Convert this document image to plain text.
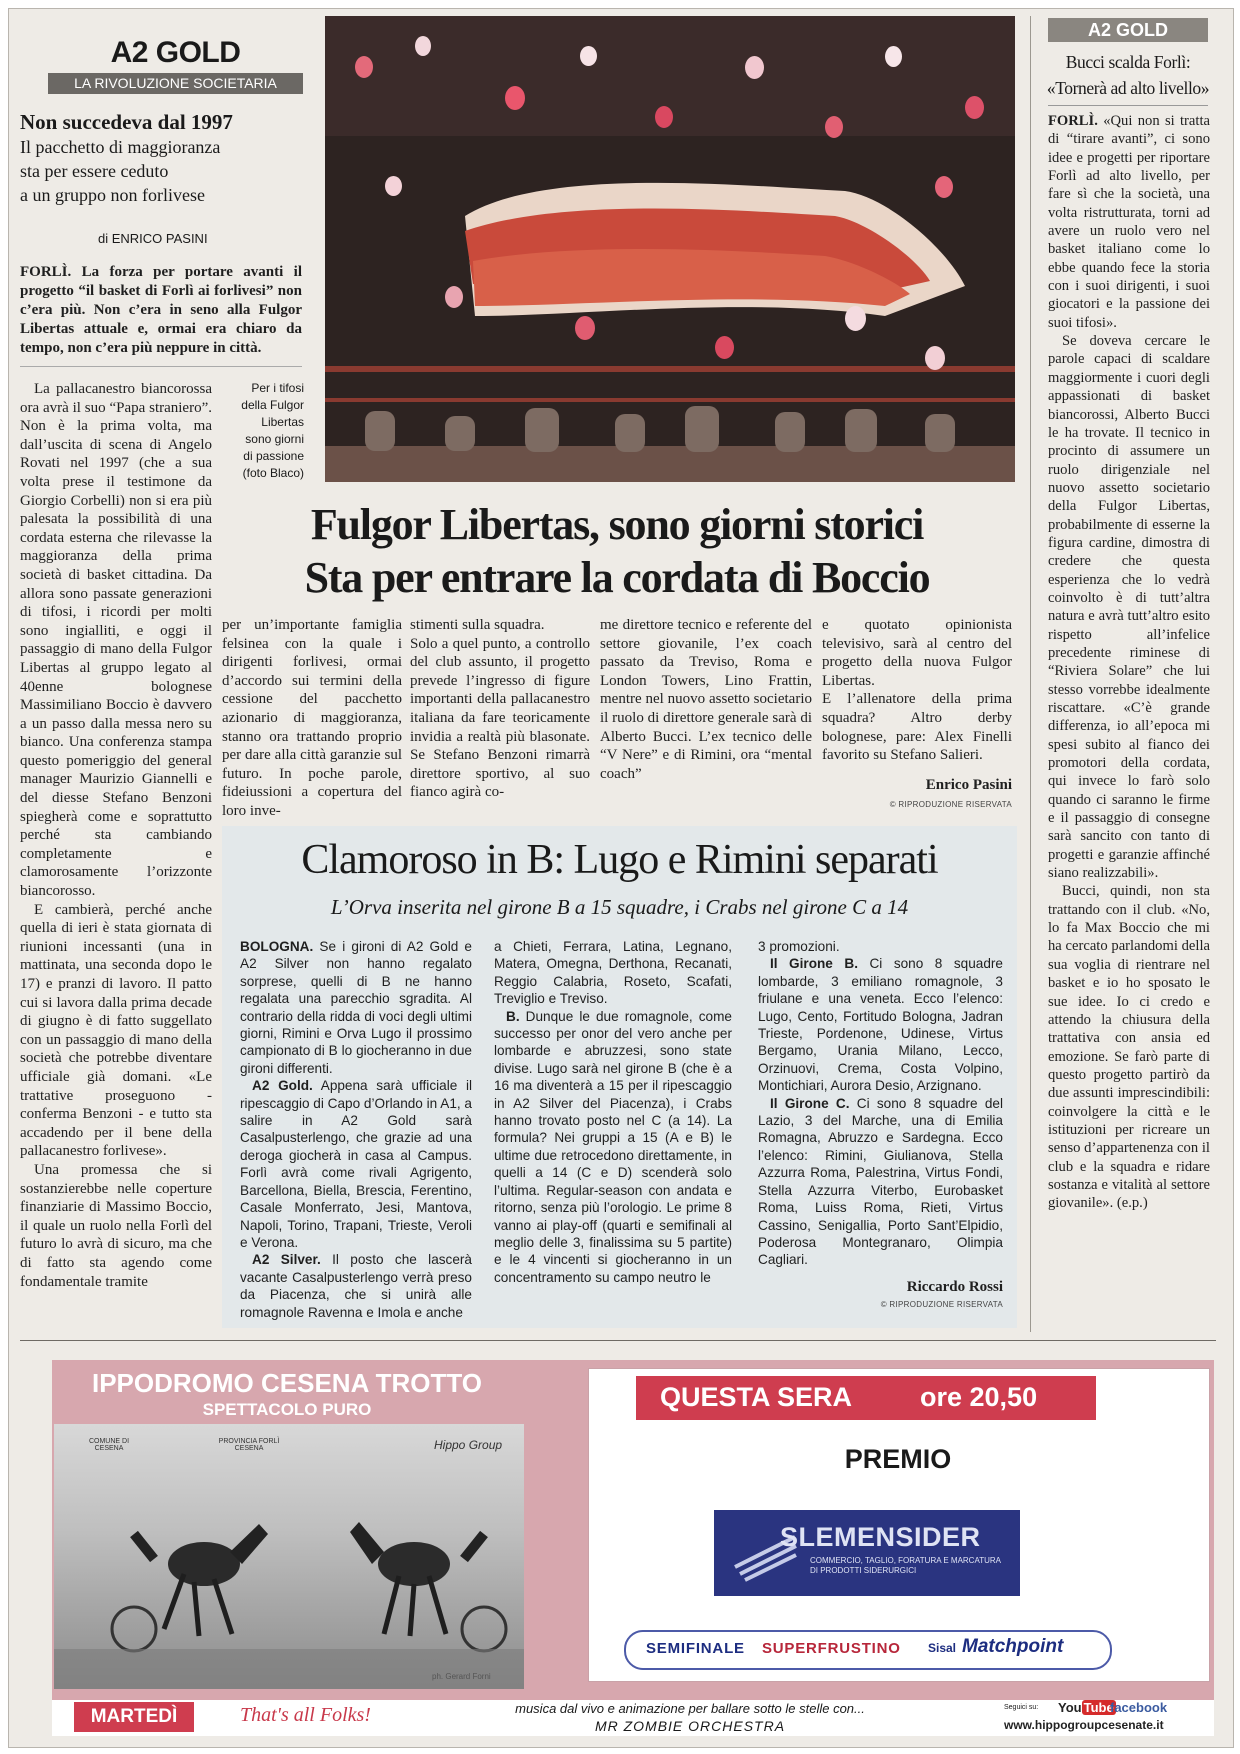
A2 GOLD
LA RIVOLUZIONE SOCIETARIA
Non succedeva dal 1997
Il pacchetto di maggioranza
sta per essere ceduto
a un gruppo non forlivese
di ENRICO PASINI
FORLÌ. La forza per portare avanti il progetto “il basket di Forlì ai forlivesi” non c’era più. Non c’era in seno alla Fulgor Libertas attuale e, ormai era chiaro da tempo, non c’era più neppure in città.

La pallacanestro biancorossa ora avrà il suo “Papa straniero”. Non è la prima volta, ma dall’uscita di scena di Angelo Rovati nel 1997 (che a sua volta prese il testimone da Giorgio Corbelli) non si era più palesata la possibilità di una cordata esterna che rilevasse la maggioranza della prima società di basket cittadina. Da allora sono passate generazioni di tifosi, i ricordi per molti sono ingialliti, e oggi il passaggio di mano della Fulgor Libertas al gruppo legato al 40enne bolognese Massimiliano Boccio è davvero a un passo dalla messa nero su bianco. Una conferenza stampa questo pomeriggio del general manager Maurizio Giannelli e del diesse Stefano Benzoni spiegherà come e soprattutto perché sta cambiando completamente e clamorosamente l’orizzonte biancorosso.

E cambierà, perché anche quella di ieri è stata giornata di riunioni incessanti (una in mattinata, una seconda dopo le 17) e pranzi di lavoro. Il patto cui si lavora dalla prima decade di giugno è di fatto suggellato con un passaggio di mano della società che potrebbe diventare ufficiale già domani. «Le trattative proseguono - conferma Benzoni - e tutto sta accadendo per il bene della pallacanestro forlivese».

Una promessa che si sostanzierebbe nelle coperture finanziarie di Massimo Boccio, il quale un ruolo nella Forlì del futuro lo avrà di sicuro, ma che di fatto sta agendo come fondamentale tramite

Per i tifosi
della Fulgor
Libertas
sono giorni
di passione
(foto Blaco)
Fulgor Libertas, sono giorni storici
Sta per entrare la cordata di Boccio
per un’importante famiglia felsinea con la quale i dirigenti forlivesi, ormai d’accordo sui termini della cessione del pacchetto azionario di maggioranza, stanno ora trattando proprio per dare alla città garanzie sul futuro. In poche parole, fideiussioni a copertura del loro inve-
stimenti sulla squadra.
Solo a quel punto, a controllo del club assunto, il progetto prevede l’ingresso di figure importanti della pallacanestro italiana da fare teoricamente invidia a realtà più blasonate. Se Stefano Benzoni rimarrà direttore sportivo, al suo fianco agirà co-
me direttore tecnico e referente del settore giovanile, l’ex coach passato da Treviso, Roma e London Towers, Lino Frattin, mentre nel nuovo assetto societario il ruolo di direttore generale sarà di Alberto Bucci. L’ex tecnico delle “V Nere” e di Rimini, ora “mental coach”
e quotato opinionista televisivo, sarà al centro del progetto della nuova Fulgor Libertas.
E l’allenatore della prima squadra? Altro derby bolognese, pare: Alex Finelli favorito su Stefano Salieri.
Enrico Pasini
© RIPRODUZIONE RISERVATA
Clamoroso in B: Lugo e Rimini separati
L’Orva inserita nel girone B a 15 squadre, i Crabs nel girone C a 14

BOLOGNA. Se i gironi di A2 Gold e A2 Silver non hanno regalato sorprese, quelli di B ne hanno regalata una parecchio sgradita. Al contrario della ridda di voci degli ultimi giorni, Rimini e Orva Lugo il prossimo campionato di B lo giocheranno in due gironi differenti.

A2 Gold. Appena sarà ufficiale il ripescaggio di Capo d’Orlando in A1, a salire in A2 Gold sarà Casalpusterlengo, che grazie ad una deroga giocherà in casa al Campus. Forlì avrà come rivali Agrigento, Barcellona, Biella, Brescia, Ferentino, Casale Monferrato, Jesi, Mantova, Napoli, Torino, Trapani, Trieste, Veroli e Verona.

A2 Silver. Il posto che lascerà vacante Casalpusterlengo verrà preso da Piacenza, che si unirà alle romagnole Ravenna e Imola e anche

a Chieti, Ferrara, Latina, Legnano, Matera, Omegna, Derthona, Recanati, Reggio Calabria, Roseto, Scafati, Treviglio e Treviso.

B. Dunque le due romagnole, come successo per onor del vero anche per lombarde e abruzzesi, sono state divise. Lugo sarà nel girone B (che è a 16 ma diventerà a 15 per il ripescaggio in A2 Silver del Piacenza), i Crabs hanno trovato posto nel C (a 14). La formula? Nei gruppi a 15 (A e B) le ultime due retrocedono direttamente, in quelli a 14 (C e D) scenderà solo l’ultima. Regular-season con andata e ritorno, senza più l’orologio. Le prime 8 vanno ai play-off (quarti e semifinali al meglio delle 3, finalissima su 5 partite) e le 4 vincenti si giocheranno in un concentramento su campo neutro le

3 promozioni.

Il Girone B. Ci sono 8 squadre lombarde, 3 emiliano romagnole, 3 friulane e una veneta. Ecco l’elenco: Lugo, Cento, Fortitudo Bologna, Jadran Trieste, Pordenone, Udinese, Virtus Bergamo, Urania Milano, Lecco, Orzinuovi, Crema, Costa Volpino, Montichiari, Aurora Desio, Arzignano.

Il Girone C. Ci sono 8 squadre del Lazio, 3 del Marche, una di Emilia Romagna, Abruzzo e Sardegna. Ecco l’elenco: Rimini, Giulianova, Stella Azzurra Roma, Palestrina, Virtus Fondi, Stella Azzurra Viterbo, Eurobasket Roma, Luiss Roma, Rieti, Virtus Cassino, Senigallia, Porto Sant’Elpidio, Poderosa Montegranaro, Olimpia Cagliari.

Riccardo Rossi
© RIPRODUZIONE RISERVATA
A2 GOLD
Bucci scalda Forlì:
«Tornerà ad alto livello»

FORLÌ. «Qui non si tratta di “tirare avanti”, ci sono idee e progetti per riportare Forlì ad alto livello, per fare sì che la società, una volta ristrutturata, torni ad avere un ruolo vero nel basket italiano come lo ebbe quando fece la storia con i suoi dirigenti, i suoi giocatori e la passione dei suoi tifosi».

Se doveva cercare le parole capaci di scaldare maggiormente i cuori degli appassionati di basket biancorossi, Alberto Bucci le ha trovate. Il tecnico in procinto di assumere un ruolo dirigenziale nel nuovo assetto societario della Fulgor Libertas, probabilmente di esserne la figura cardine, dimostra di credere che questa esperienza che lo vedrà coinvolto è di tutt’altra natura e avrà tutt’altro esito rispetto all’infelice precedente riminese di “Riviera Solare” che lui stesso vorrebbe idealmente riscattare. «C’è grande differenza, io all’epoca mi spesi subito al fianco dei promotori della cordata, qui invece lo farò solo quando ci saranno le firme e il passaggio di consegne sarà sancito con tanto di progetti e garanzie affinché siano realizzabili».

Bucci, quindi, non sta trattando con il club. «No, lo fa Max Boccio che mi ha cercato parlandomi della sua voglia di rientrare nel basket e io ho sposato le sue idee. Io ci credo e attendo la chiusura della trattativa con ansia ed emozione. Se farò parte di questo progetto partirò da due assunti imprescindibili: coinvolgere la città e le istituzioni per ricreare un senso d’appartenenza con il club e la squadra e ridare sostanza e vitalità al settore giovanile». (e.p.)

IPPODROMO CESENA TROTTO
SPETTACOLO PURO
COMUNE DI CESENA
PROVINCIA FORLÌ CESENA	Hippo Group
ph. Gerard Forni
QUESTA SERA	ore 20,50
PREMIO
SLEMENSIDER
COMMERCIO, TAGLIO, FORATURA E MARCATURA
DI PRODOTTI SIDERURGICI
SEMIFINALE SUPERFRUSTINO Sisal Matchpoint
MARTEDÌ	That's all Folks!	musica dal vivo e animazione per ballare sotto le stelle con...
MR ZOMBIE ORCHESTRA
Seguici su: You Tube
facebook
www.hippogroupcesenate.it
